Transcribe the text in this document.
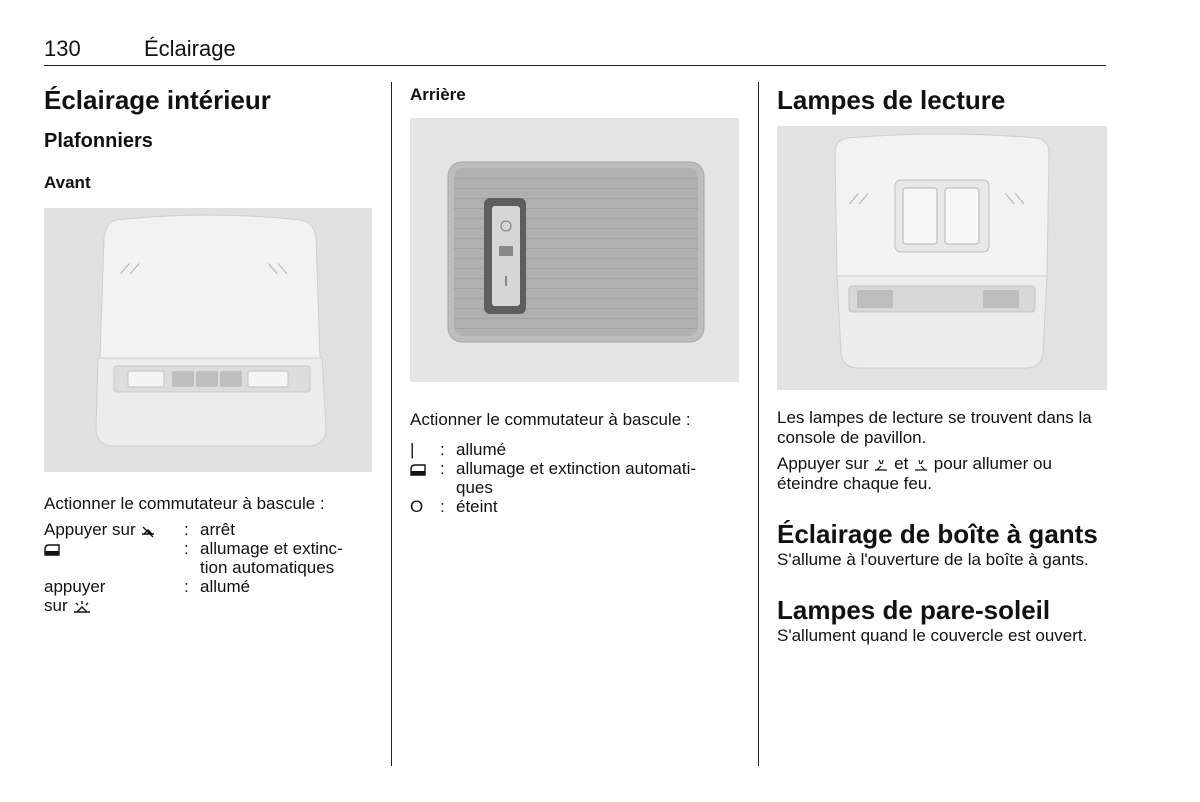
130	Éclairage
Éclairage intérieur
Plafonniers
Avant
⟋⟋	⟍⟍

Actionner le commutateur à bascule :

Appuyer sur	: arrêt
: allumage et extinc-
tion automatiques
appuyer	: allumé
sur
Arrière

Actionner le commutateur à bascule :

|	: allumé
: allumage et extinction automati-
ques
O : éteint
Lampes de lecture
⟋⟋	⟍⟍

Les lampes de lecture se trouvent dans la console de pavillon.

Appuyer sur et pour allumer ou éteindre chaque feu.

Éclairage de boîte à gants

S'allume à l'ouverture de la boîte à gants.

Lampes de pare-soleil

S'allument quand le couvercle est ouvert.
